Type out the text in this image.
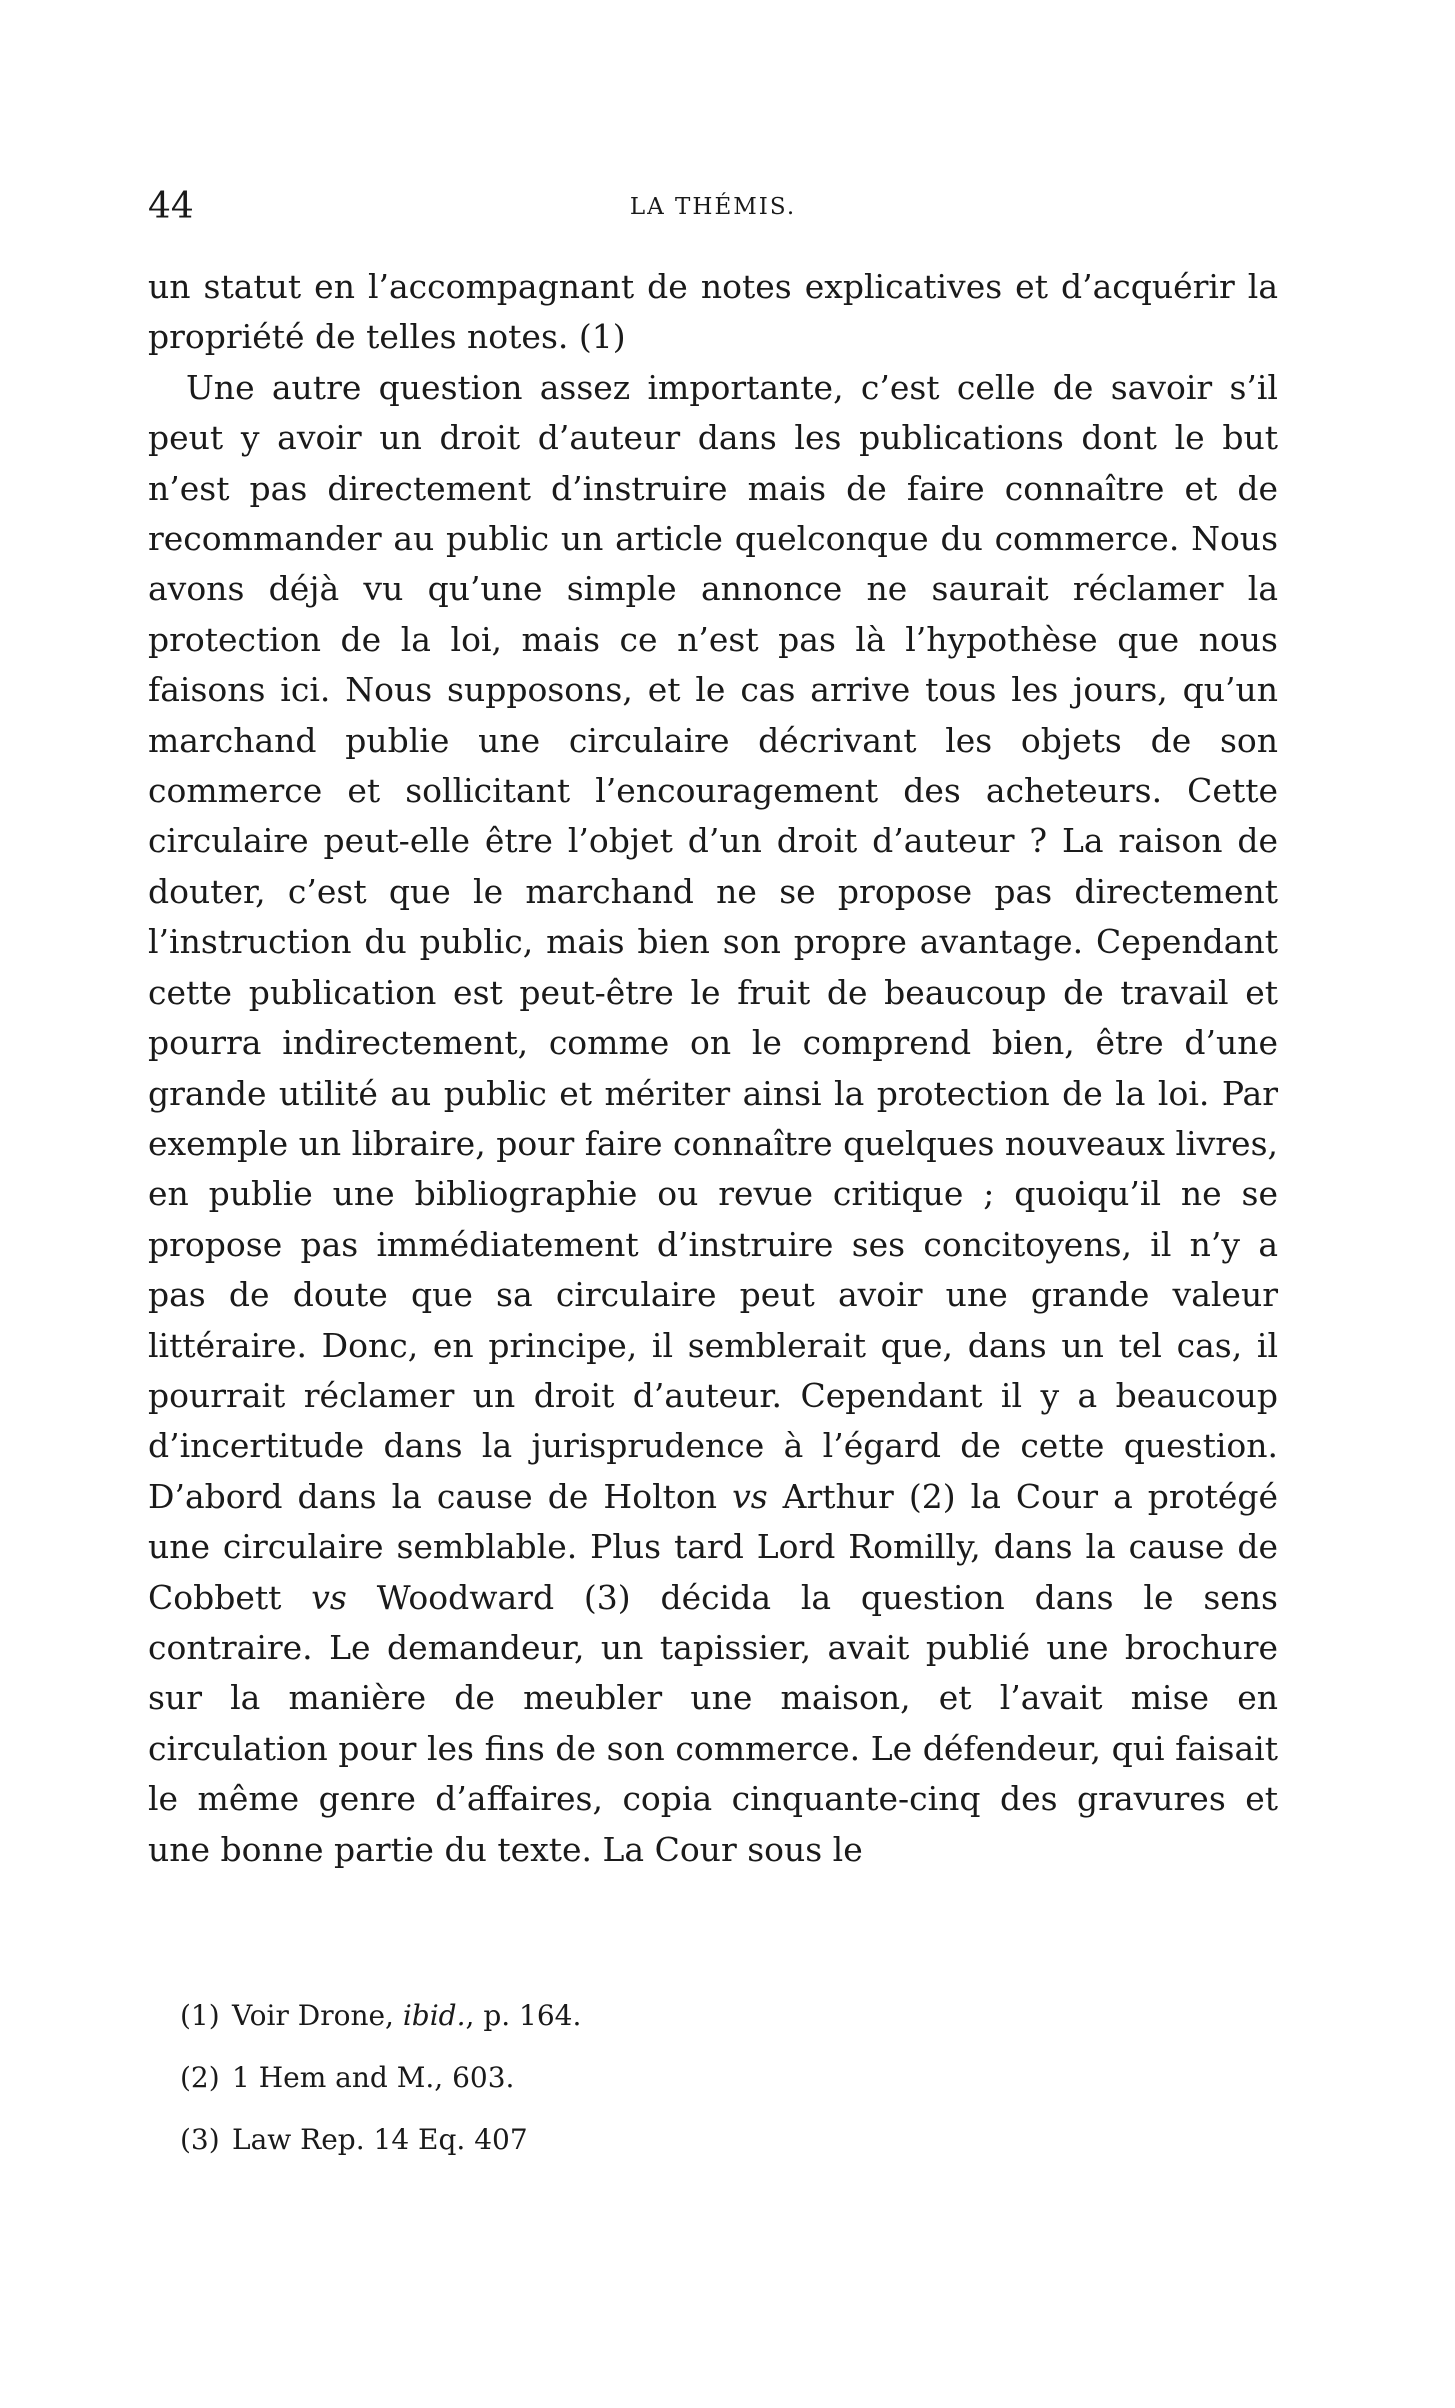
44	LA THÉMIS.

un statut en l’accompagnant de notes explicatives et d’acquérir la propriété de telles notes. (1)

Une autre question assez importante, c’est celle de savoir s’il peut y avoir un droit d’auteur dans les publications dont le but n’est pas directement d’instruire mais de faire connaître et de recommander au public un article quelconque du commerce. Nous avons déjà vu qu’une simple annonce ne saurait réclamer la protection de la loi, mais ce n’est pas là l’hypothèse que nous faisons ici. Nous supposons, et le cas arrive tous les jours, qu’un marchand publie une circulaire décrivant les objets de son commerce et sollicitant l’encouragement des acheteurs. Cette circulaire peut-elle être l’objet d’un droit d’auteur ? La raison de douter, c’est que le marchand ne se propose pas directement l’instruction du public, mais bien son propre avantage. Cependant cette publication est peut-être le fruit de beaucoup de travail et pourra indirectement, comme on le comprend bien, être d’une grande utilité au public et mériter ainsi la protection de la loi. Par exemple un libraire, pour faire connaître quelques nouveaux livres, en publie une bibliographie ou revue critique ; quoiqu’il ne se propose pas immédiatement d’instruire ses concitoyens, il n’y a pas de doute que sa circulaire peut avoir une grande valeur littéraire. Donc, en principe, il semblerait que, dans un tel cas, il pourrait réclamer un droit d’auteur. Cependant il y a beaucoup d’incertitude dans la jurisprudence à l’égard de cette question. D’abord dans la cause de Holton vs Arthur (2) la Cour a protégé une circulaire semblable. Plus tard Lord Romilly, dans la cause de Cobbett vs Woodward (3) décida la question dans le sens contraire. Le demandeur, un tapissier, avait publié une brochure sur la manière de meubler une maison, et l’avait mise en circulation pour les fins de son commerce. Le défendeur, qui faisait le même genre d’affaires, copia cinquante-cinq des gravures et une bonne partie du texte. La Cour sous le

(1) Voir Drone, ibid., p. 164.
(2) 1 Hem and M., 603.
(3) Law Rep. 14 Eq. 407
